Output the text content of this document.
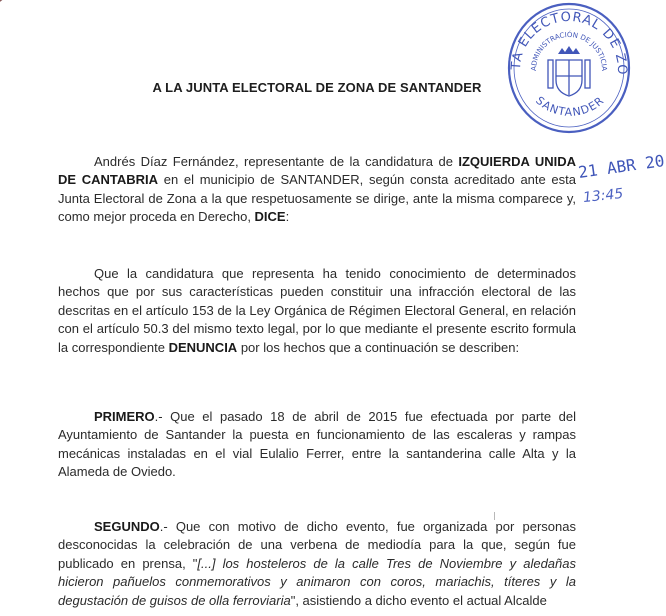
TA ELECTORAL DE ZO
ADMINISTRACIÓN DE JUSTICIA
SANTANDER
21 ABR 20
13:45
A LA JUNTA ELECTORAL DE ZONA DE SANTANDER

Andrés Díaz Fernández, representante de la candidatura de IZQUIERDA UNIDA DE CANTABRIA en el municipio de SANTANDER, según consta acreditado ante esta Junta Electoral de Zona a la que respetuosamente se dirige, ante la misma comparece y, como mejor proceda en Derecho, DICE:

Que la candidatura que representa ha tenido conocimiento de determinados hechos que por sus características pueden constituir una infracción electoral de las descritas en el artículo 153 de la Ley Orgánica de Régimen Electoral General, en relación con el artículo 50.3 del mismo texto legal, por lo que mediante el presente escrito formula la correspondiente DENUNCIA por los hechos que a continuación se describen:

PRIMERO.- Que el pasado 18 de abril de 2015 fue efectuada por parte del Ayuntamiento de Santander la puesta en funcionamiento de las escaleras y rampas mecánicas instaladas en el vial Eulalio Ferrer, entre la santanderina calle Alta y la Alameda de Oviedo.

SEGUNDO.- Que con motivo de dicho evento, fue organizada por personas desconocidas la celebración de una verbena de mediodía para la que, según fue publicado en prensa, "[...] los hosteleros de la calle Tres de Noviembre y aledañas hicieron pañuelos conmemorativos y animaron con coros, mariachis, títeres y la degustación de guisos de olla ferroviaria", asistiendo a dicho evento el actual Alcalde
